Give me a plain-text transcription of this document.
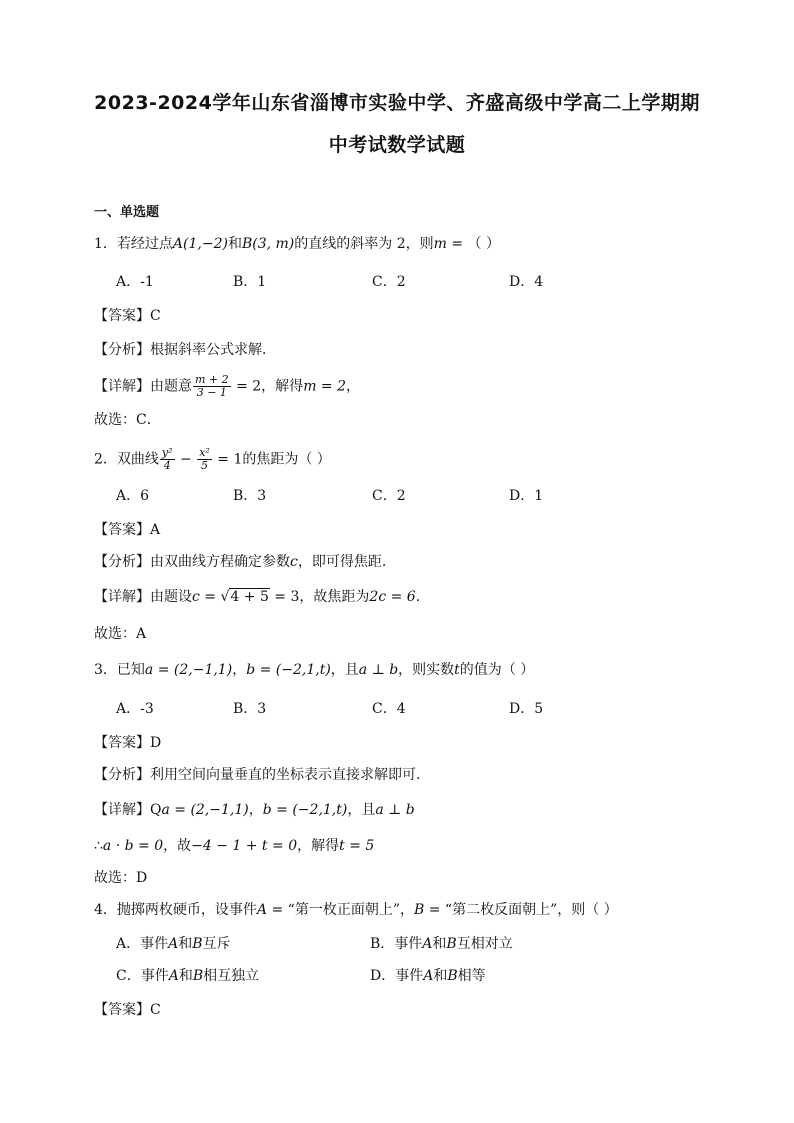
2023-2024学年山东省淄博市实验中学、齐盛高级中学高二上学期期
中考试数学试题
一、单选题
1．若经过点A(1,−2)和B(3, m)的直线的斜率为 2，则m = （ ）
A．-1	B．1	C．2	D．4
【答案】C
【分析】根据斜率公式求解．
【详解】由题意 $\frac{m + 2}{3 - 1} = 2$，解得m = 2，
故选：C．
2．双曲线 $\frac{\text{y²}}{4} - \frac{\text{x²}}{5} = 1$的焦距为（ ）
A．6	B．3	C．2	D．1
【答案】A
【分析】由双曲线方程确定参数c，即可得焦距.
【详解】由题设c = √4 + 5 = 3，故焦距为2c = 6.
故选：A
3．已知a = (2,−1,1)，b = (−2,1,t)，且a ⊥ b，则实数t的值为（ ）
A．-3	B．3	C．4	D．5
【答案】D
【分析】利用空间向量垂直的坐标表示直接求解即可.
【详解】Qa = (2,−1,1)，b = (−2,1,t)，且a ⊥ b
∴a · b = 0，故−4 − 1 + t = 0，解得t = 5
故选：D
4．抛掷两枚硬币，设事件A = “第一枚正面朝上”，B = “第二枚反面朝上”，则（ ）
A．事件A和B互斥	B．事件A和B互相对立
C．事件A和B相互独立	D．事件A和B相等
【答案】C
